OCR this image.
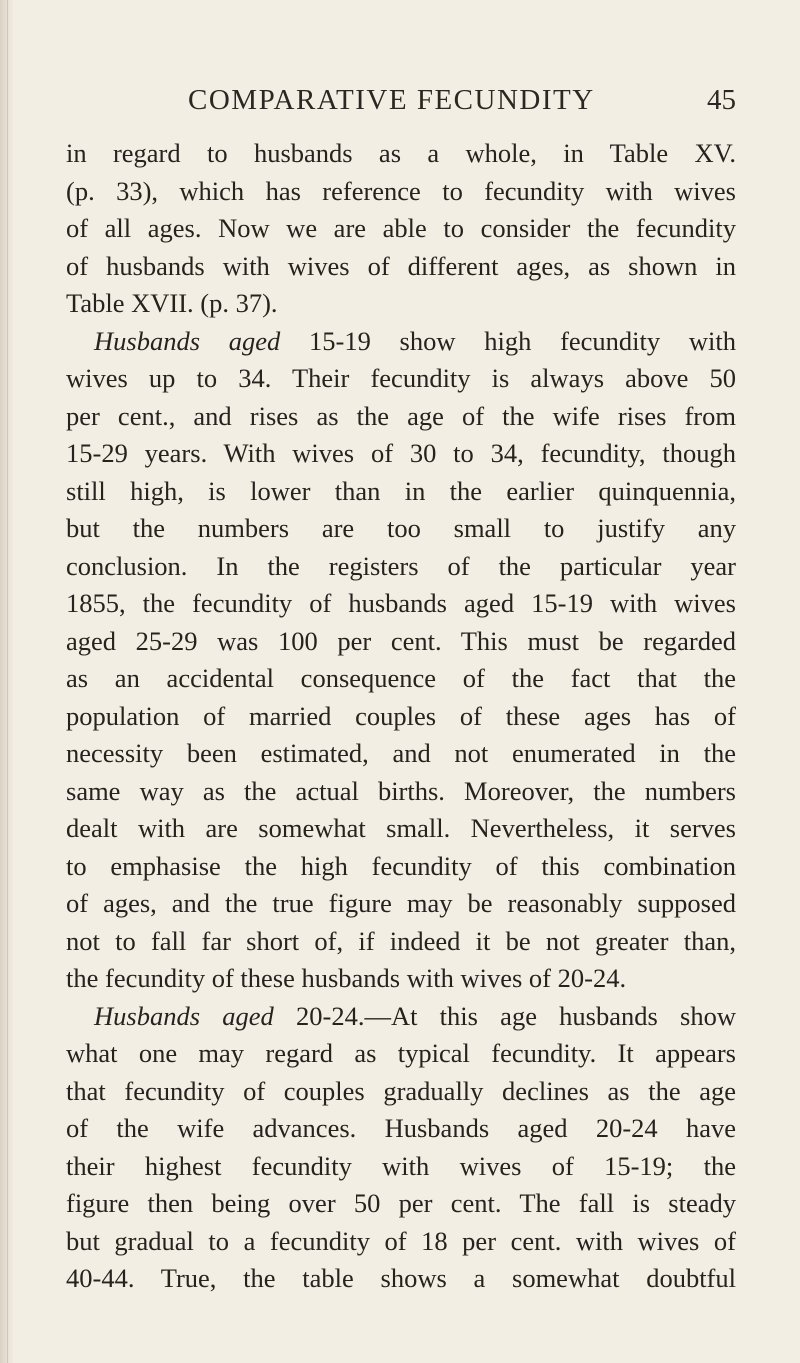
COMPARATIVE FECUNDITY	45
in regard to husbands as a whole, in Table XV.
(p. 33), which has reference to fecundity with wives
of all ages. Now we are able to consider the fecundity
of husbands with wives of different ages, as shown in
Table XVII. (p. 37).
Husbands aged 15-19 show high fecundity with
wives up to 34. Their fecundity is always above 50
per cent., and rises as the age of the wife rises from
15-29 years. With wives of 30 to 34, fecundity, though
still high, is lower than in the earlier quinquennia,
but the numbers are too small to justify any
conclusion. In the registers of the particular year
1855, the fecundity of husbands aged 15-19 with wives
aged 25-29 was 100 per cent. This must be regarded
as an accidental consequence of the fact that the
population of married couples of these ages has of
necessity been estimated, and not enumerated in the
same way as the actual births. Moreover, the numbers
dealt with are somewhat small. Nevertheless, it serves
to emphasise the high fecundity of this combination
of ages, and the true figure may be reasonably supposed
not to fall far short of, if indeed it be not greater than,
the fecundity of these husbands with wives of 20-24.
Husbands aged 20-24.—At this age husbands show
what one may regard as typical fecundity. It appears
that fecundity of couples gradually declines as the age
of the wife advances. Husbands aged 20-24 have
their highest fecundity with wives of 15-19; the
figure then being over 50 per cent. The fall is steady
but gradual to a fecundity of 18 per cent. with wives of
40-44. True, the table shows a somewhat doubtful
